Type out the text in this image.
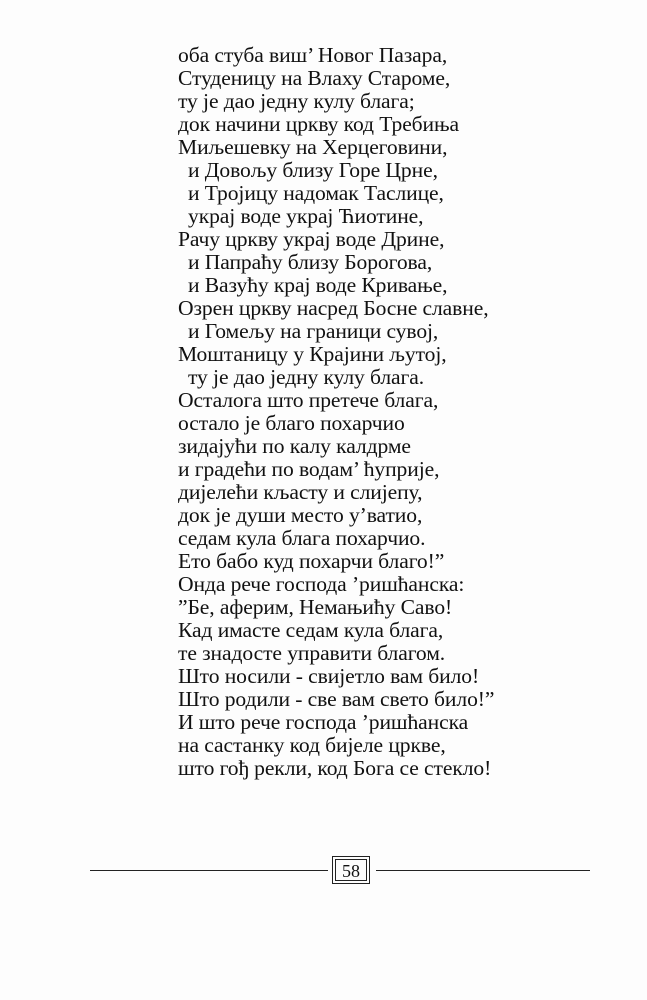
оба стуба виш’ Новог Пазара,
Студеницу на Влаху Староме,
ту је дао једну кулу блага;
док начини цркву код Требиња
Миљешевку на Херцеговини,
и Довољу близу Горе Црне,
и Тројицу надомак Таслице,
украј воде украј Ћиотине,
Рачу цркву украј воде Дрине,
и Папраћу близу Борогова,
и Вазућу крај воде Кривање,
Озрен цркву насред Босне славне,
и Гомељу на граници сувој,
Моштаницу у Крајини љутој,
ту је дао једну кулу блага.
Осталога што претече блага,
остало је благо похарчио
зидајући по калу калдрме
и градећи по водам’ ћуприје,
дијелећи кљасту и слијепу,
док је души место у’ватио,
седам кула блага похарчио.
Ето бабо куд похарчи благо!”
Онда рече господа ’ришћанска:
”Бе, аферим, Немањићу Саво!
Кад имасте седам кула блага,
те знадосте управити благом.
Што носили - свијетло вам било!
Што родили - све вам свето било!”
И што рече господа ’ришћанска
на састанку код бијеле цркве,
што гођ рекли, код Бога се стекло!
58
